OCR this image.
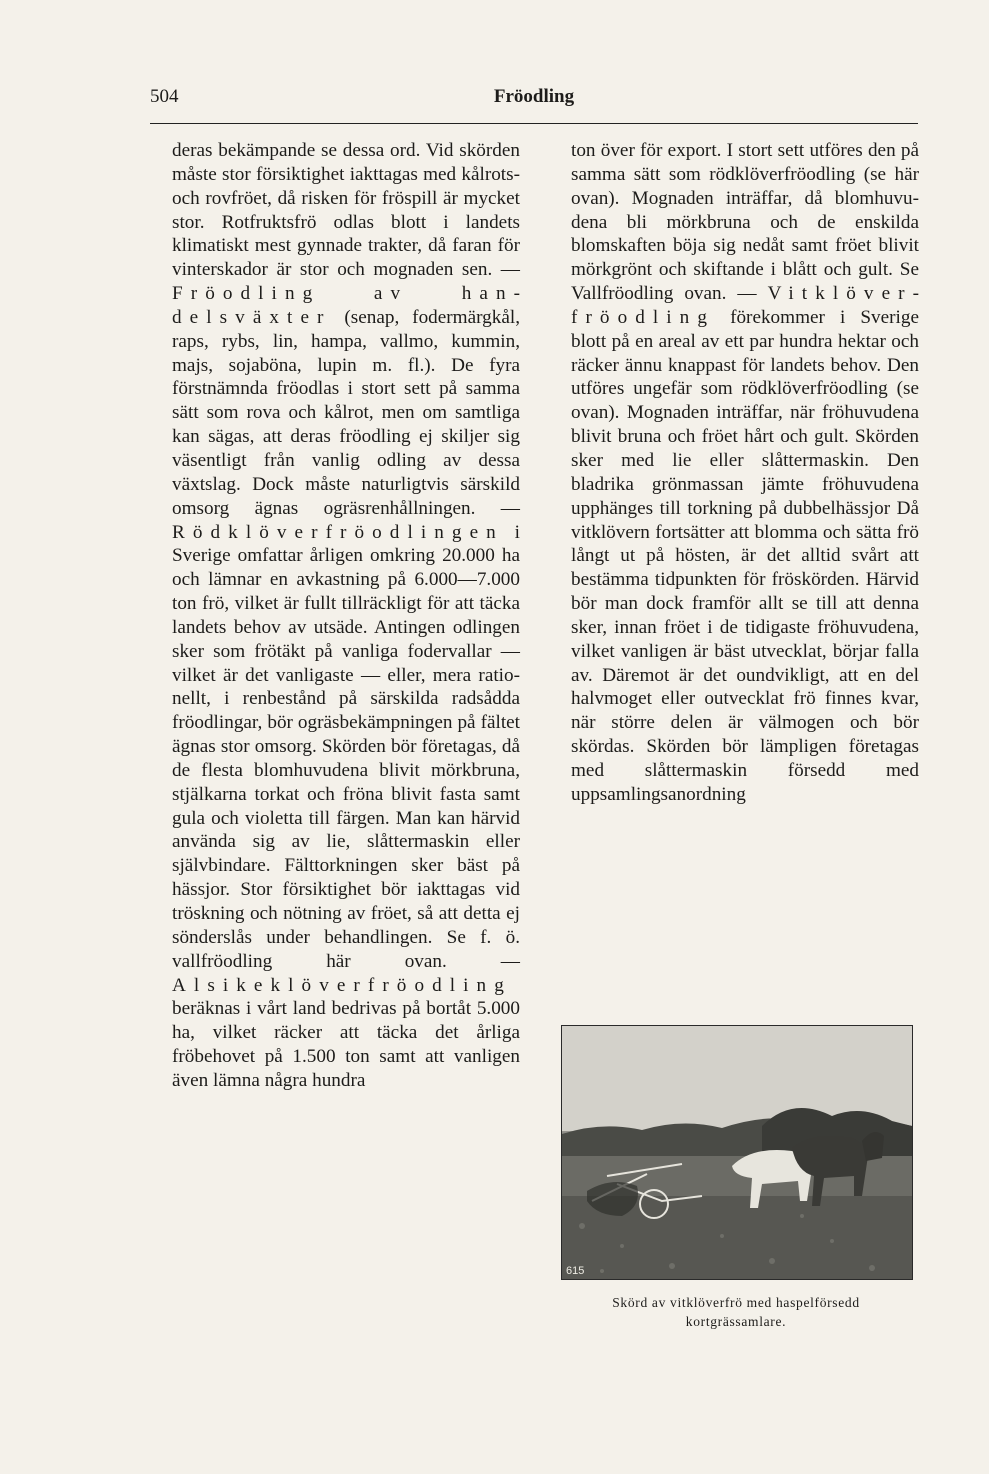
504	Fröodling

deras bekämpande se dessa ord. Vid skörden måste stor försiktighet iakttagas med kålrots- och rovfröet, då risken för fröspill är mycket stor. Rotfruktsfrö odlas blott i landets klimatiskt mest gynnade trakter, då faran för vinterskador är stor och mognaden sen. — Fröodling av handelsväxter (senap, fodermärgkål, raps, rybs, lin, hampa, vallmo, kummin, majs, sojaböna, lupin m. fl.). De fyra förstnämnda fröodlas i stort sett på samma sätt som rova och kålrot, men om samtliga kan sägas, att deras fröodling ej skiljer sig väsentligt från vanlig odling av dessa växtslag. Dock måste naturligtvis särskild omsorg ägnas ogräsrenhållningen. — Rödklöverfröodlingen i Sverige omfattar årligen omkring 20.000 ha och lämnar en avkastning på 6.000—7.000 ton frö, vilket är fullt tillräckligt för att täcka landets behov av utsäde. Antingen odlingen sker som frötäkt på vanliga fodervallar — vilket är det vanligaste — eller, mera rationellt, i renbestånd på särskilda radsådda fröodlingar, bör ogräsbekämpningen på fältet ägnas stor omsorg. Skörden bör företagas, då de flesta blomhuvudena blivit mörkbruna, stjälkarna torkat och fröna blivit fasta samt gula och violetta till färgen. Man kan härvid använda sig av lie, slåttermaskin eller självbindare. Fälttorkningen sker bäst på hässjor. Stor försiktighet bör iakttagas vid tröskning och nötning av fröet, så att detta ej sönderslås under behandlingen. Se f. ö. vallfröodling här ovan. — Alsikeklöverfröodling beräknas i vårt land bedrivas på bortåt 5.000 ha, vilket räcker att täcka det årliga fröbehovet på 1.500 ton samt att vanligen även lämna några hundra

ton över för export. I stort sett utföres den på samma sätt som rödklöverfröodling (se här ovan). Mognaden inträffar, då blomhuvudena bli mörkbruna och de enskilda blomskaften böja sig nedåt samt fröet blivit mörkgrönt och skiftande i blått och gult. Se Vallfröodling ovan. — Vitklöverfröodling förekommer i Sverige blott på en areal av ett par hundra hektar och räcker ännu knappast för landets behov. Den utföres ungefär som rödklöverfröodling (se ovan). Mognaden inträffar, när fröhuvudena blivit bruna och fröet hårt och gult. Skörden sker med lie eller slåttermaskin. Den bladrika grönmassan jämte fröhuvudena upphänges till torkning på dubbelhässjor Då vitklövern fortsätter att blomma och sätta frö långt ut på hösten, är det alltid svårt att bestämma tidpunkten för fröskörden. Härvid bör man dock framför allt se till att denna sker, innan fröet i de tidigaste fröhuvudena, vilket vanligen är bäst utvecklat, börjar falla av. Däremot är det oundvikligt, att en del halvmoget eller outvecklat frö finnes kvar, när större delen är välmogen och bör skördas. Skörden bör lämpligen företagas med slåttermaskin försedd med uppsamlingsanordning

615
Skörd av vitklöverfrö med haspelförsedd kortgrässamlare.
